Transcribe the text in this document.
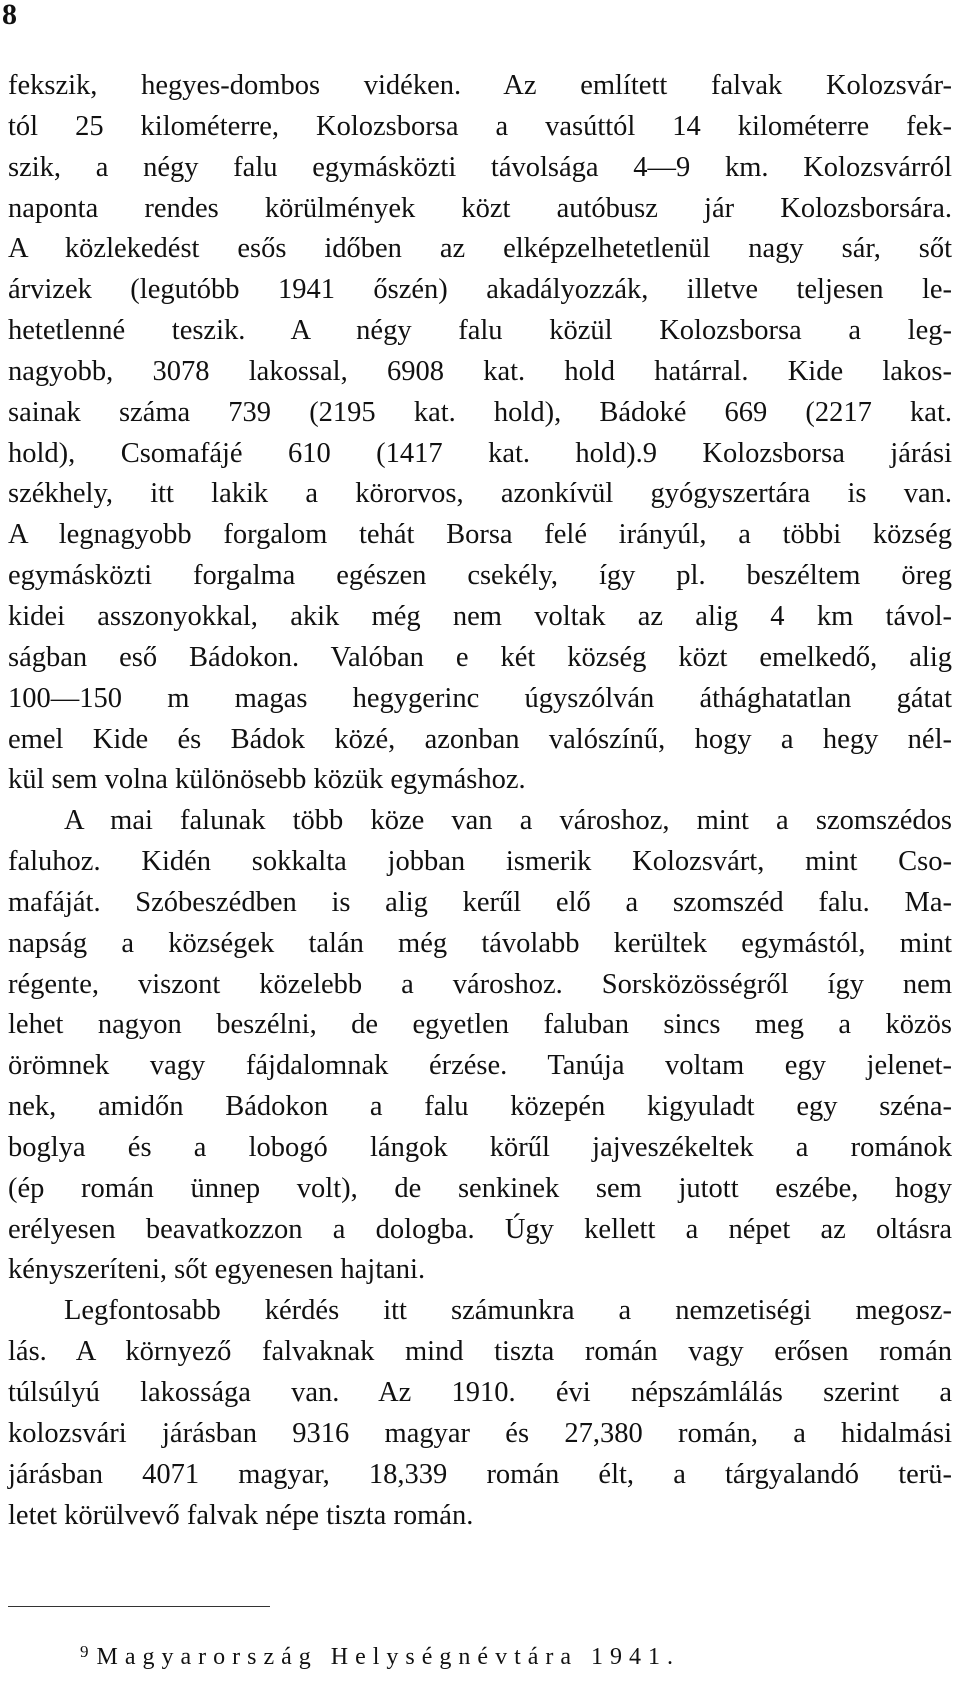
8
fekszik, hegyes-dombos vidéken. Az említett falvak Kolozsvár-
tól 25 kilométerre, Kolozsborsa a vasúttól 14 kilométerre fek-
szik, a négy falu egymásközti távolsága 4—9 km. Kolozsvárról
naponta rendes körülmények közt autóbusz jár Kolozsborsára.
A közlekedést esős időben az elképzelhetetlenül nagy sár, sőt
árvizek (legutóbb 1941 őszén) akadályozzák, illetve teljesen le-
hetetlenné teszik. A négy falu közül Kolozsborsa a leg-
nagyobb, 3078 lakossal, 6908 kat. hold határral. Kide lakos-
sainak száma 739 (2195 kat. hold), Bádoké 669 (2217 kat.
hold), Csomafájé 610 (1417 kat. hold).9 Kolozsborsa járási
székhely, itt lakik a körorvos, azonkívül gyógyszertára is van.
A legnagyobb forgalom tehát Borsa felé irányúl, a többi község
egymásközti forgalma egészen csekély, így pl. beszéltem öreg
kidei asszonyokkal, akik még nem voltak az alig 4 km távol-
ságban eső Bádokon. Valóban e két község közt emelkedő, alig
100—150 m magas hegygerinc úgyszólván áthághatatlan gátat
emel Kide és Bádok közé, azonban valószínű, hogy a hegy nél-
kül sem volna különösebb közük egymáshoz.
A mai falunak több köze van a városhoz, mint a szomszédos
faluhoz. Kidén sokkalta jobban ismerik Kolozsvárt, mint Cso-
mafáját. Szóbeszédben is alig kerűl elő a szomszéd falu. Ma-
napság a községek talán még távolabb kerültek egymástól, mint
régente, viszont közelebb a városhoz. Sorsközösségről így nem
lehet nagyon beszélni, de egyetlen faluban sincs meg a közös
örömnek vagy fájdalomnak érzése. Tanúja voltam egy jelenet-
nek, amidőn Bádokon a falu közepén kigyuladt egy széna-
boglya és a lobogó lángok körűl jajveszékeltek a románok
(ép román ünnep volt), de senkinek sem jutott eszébe, hogy
erélyesen beavatkozzon a dologba. Úgy kellett a népet az oltásra
kényszeríteni, sőt egyenesen hajtani.
Legfontosabb kérdés itt számunkra a nemzetiségi megosz-
lás. A környező falvaknak mind tiszta román vagy erősen román
túlsúlyú lakossága van. Az 1910. évi népszámlálás szerint a
kolozsvári járásban 9316 magyar és 27,380 román, a hidalmási
járásban 4071 magyar, 18,339 román élt, a tárgyalandó terü-
letet körülvevő falvak népe tiszta román.
$^9$ Magyarország Helységnévtára 1941.
